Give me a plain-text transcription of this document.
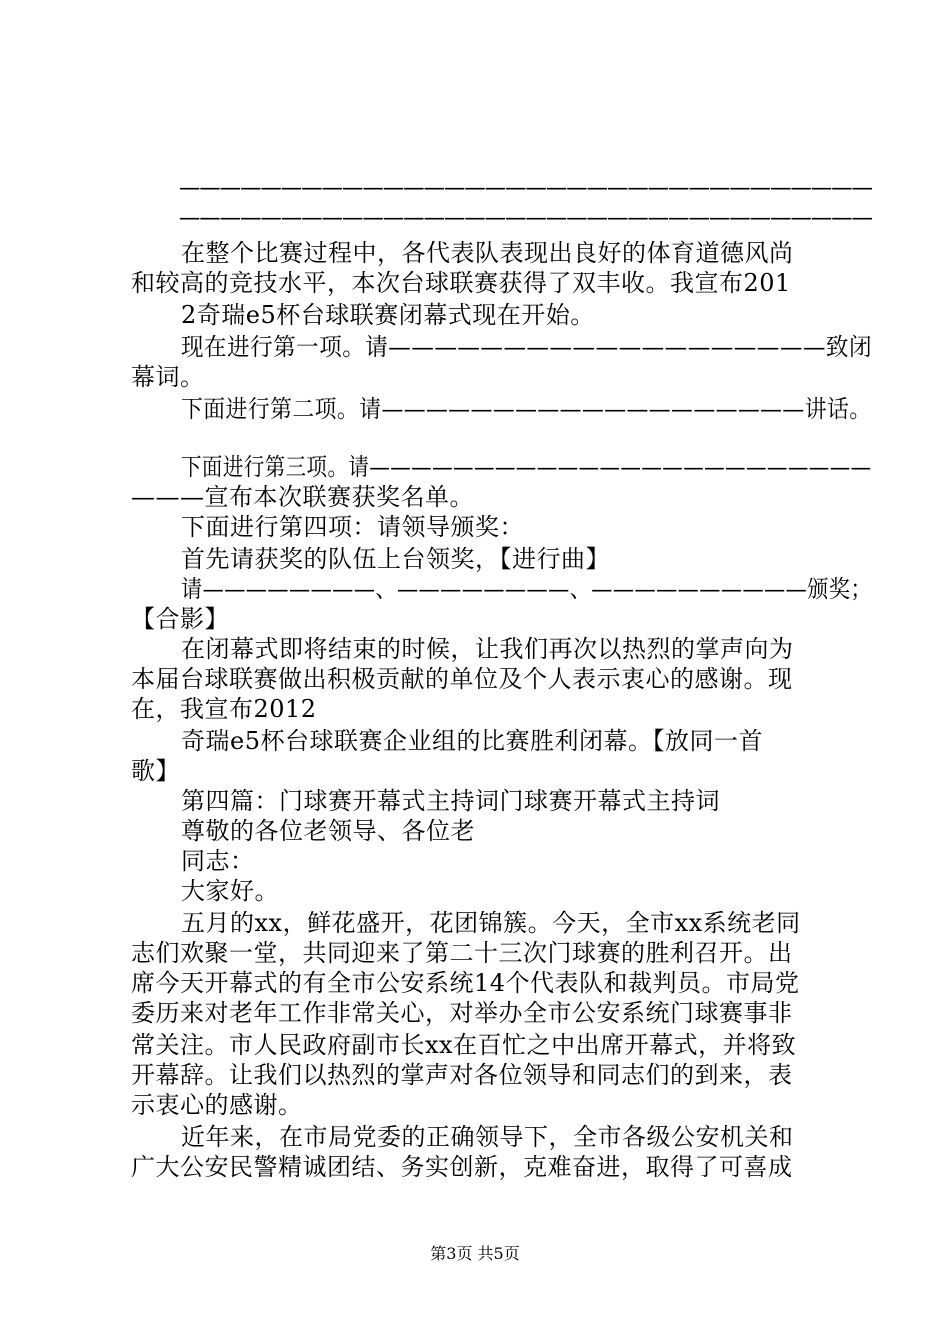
——————————————————————————————————
——————————————————————————————————
在整个比赛过程中，各代表队表现出良好的体育道德风尚
和较高的竞技水平，本次台球联赛获得了双丰收。我宣布201
2奇瑞e5杯台球联赛闭幕式现在开始。
现在进行第一项。请———————————————————致闭
幕词。
下面进行第二项。请———————————————————讲话。
下面进行第三项。请————————————————————————
———宣布本次联赛获奖名单。
下面进行第四项：请领导颁奖：
首先请获奖的队伍上台领奖，【进行曲】
请————————、————————、——————————颁奖；
【合影】
在闭幕式即将结束的时候，让我们再次以热烈的掌声向为
本届台球联赛做出积极贡献的单位及个人表示衷心的感谢。现
在，我宣布2012
奇瑞e5杯台球联赛企业组的比赛胜利闭幕。【放同一首
歌】
第四篇：门球赛开幕式主持词门球赛开幕式主持词
尊敬的各位老领导、各位老
同志：
大家好。
五月的xx，鲜花盛开，花团锦簇。今天，全市xx系统老同
志们欢聚一堂，共同迎来了第二十三次门球赛的胜利召开。出
席今天开幕式的有全市公安系统14个代表队和裁判员。市局党
委历来对老年工作非常关心，对举办全市公安系统门球赛事非
常关注。市人民政府副市长xx在百忙之中出席开幕式，并将致
开幕辞。让我们以热烈的掌声对各位领导和同志们的到来，表
示衷心的感谢。
近年来，在市局党委的正确领导下，全市各级公安机关和
广大公安民警精诚团结、务实创新，克难奋进，取得了可喜成
第3页 共5页
